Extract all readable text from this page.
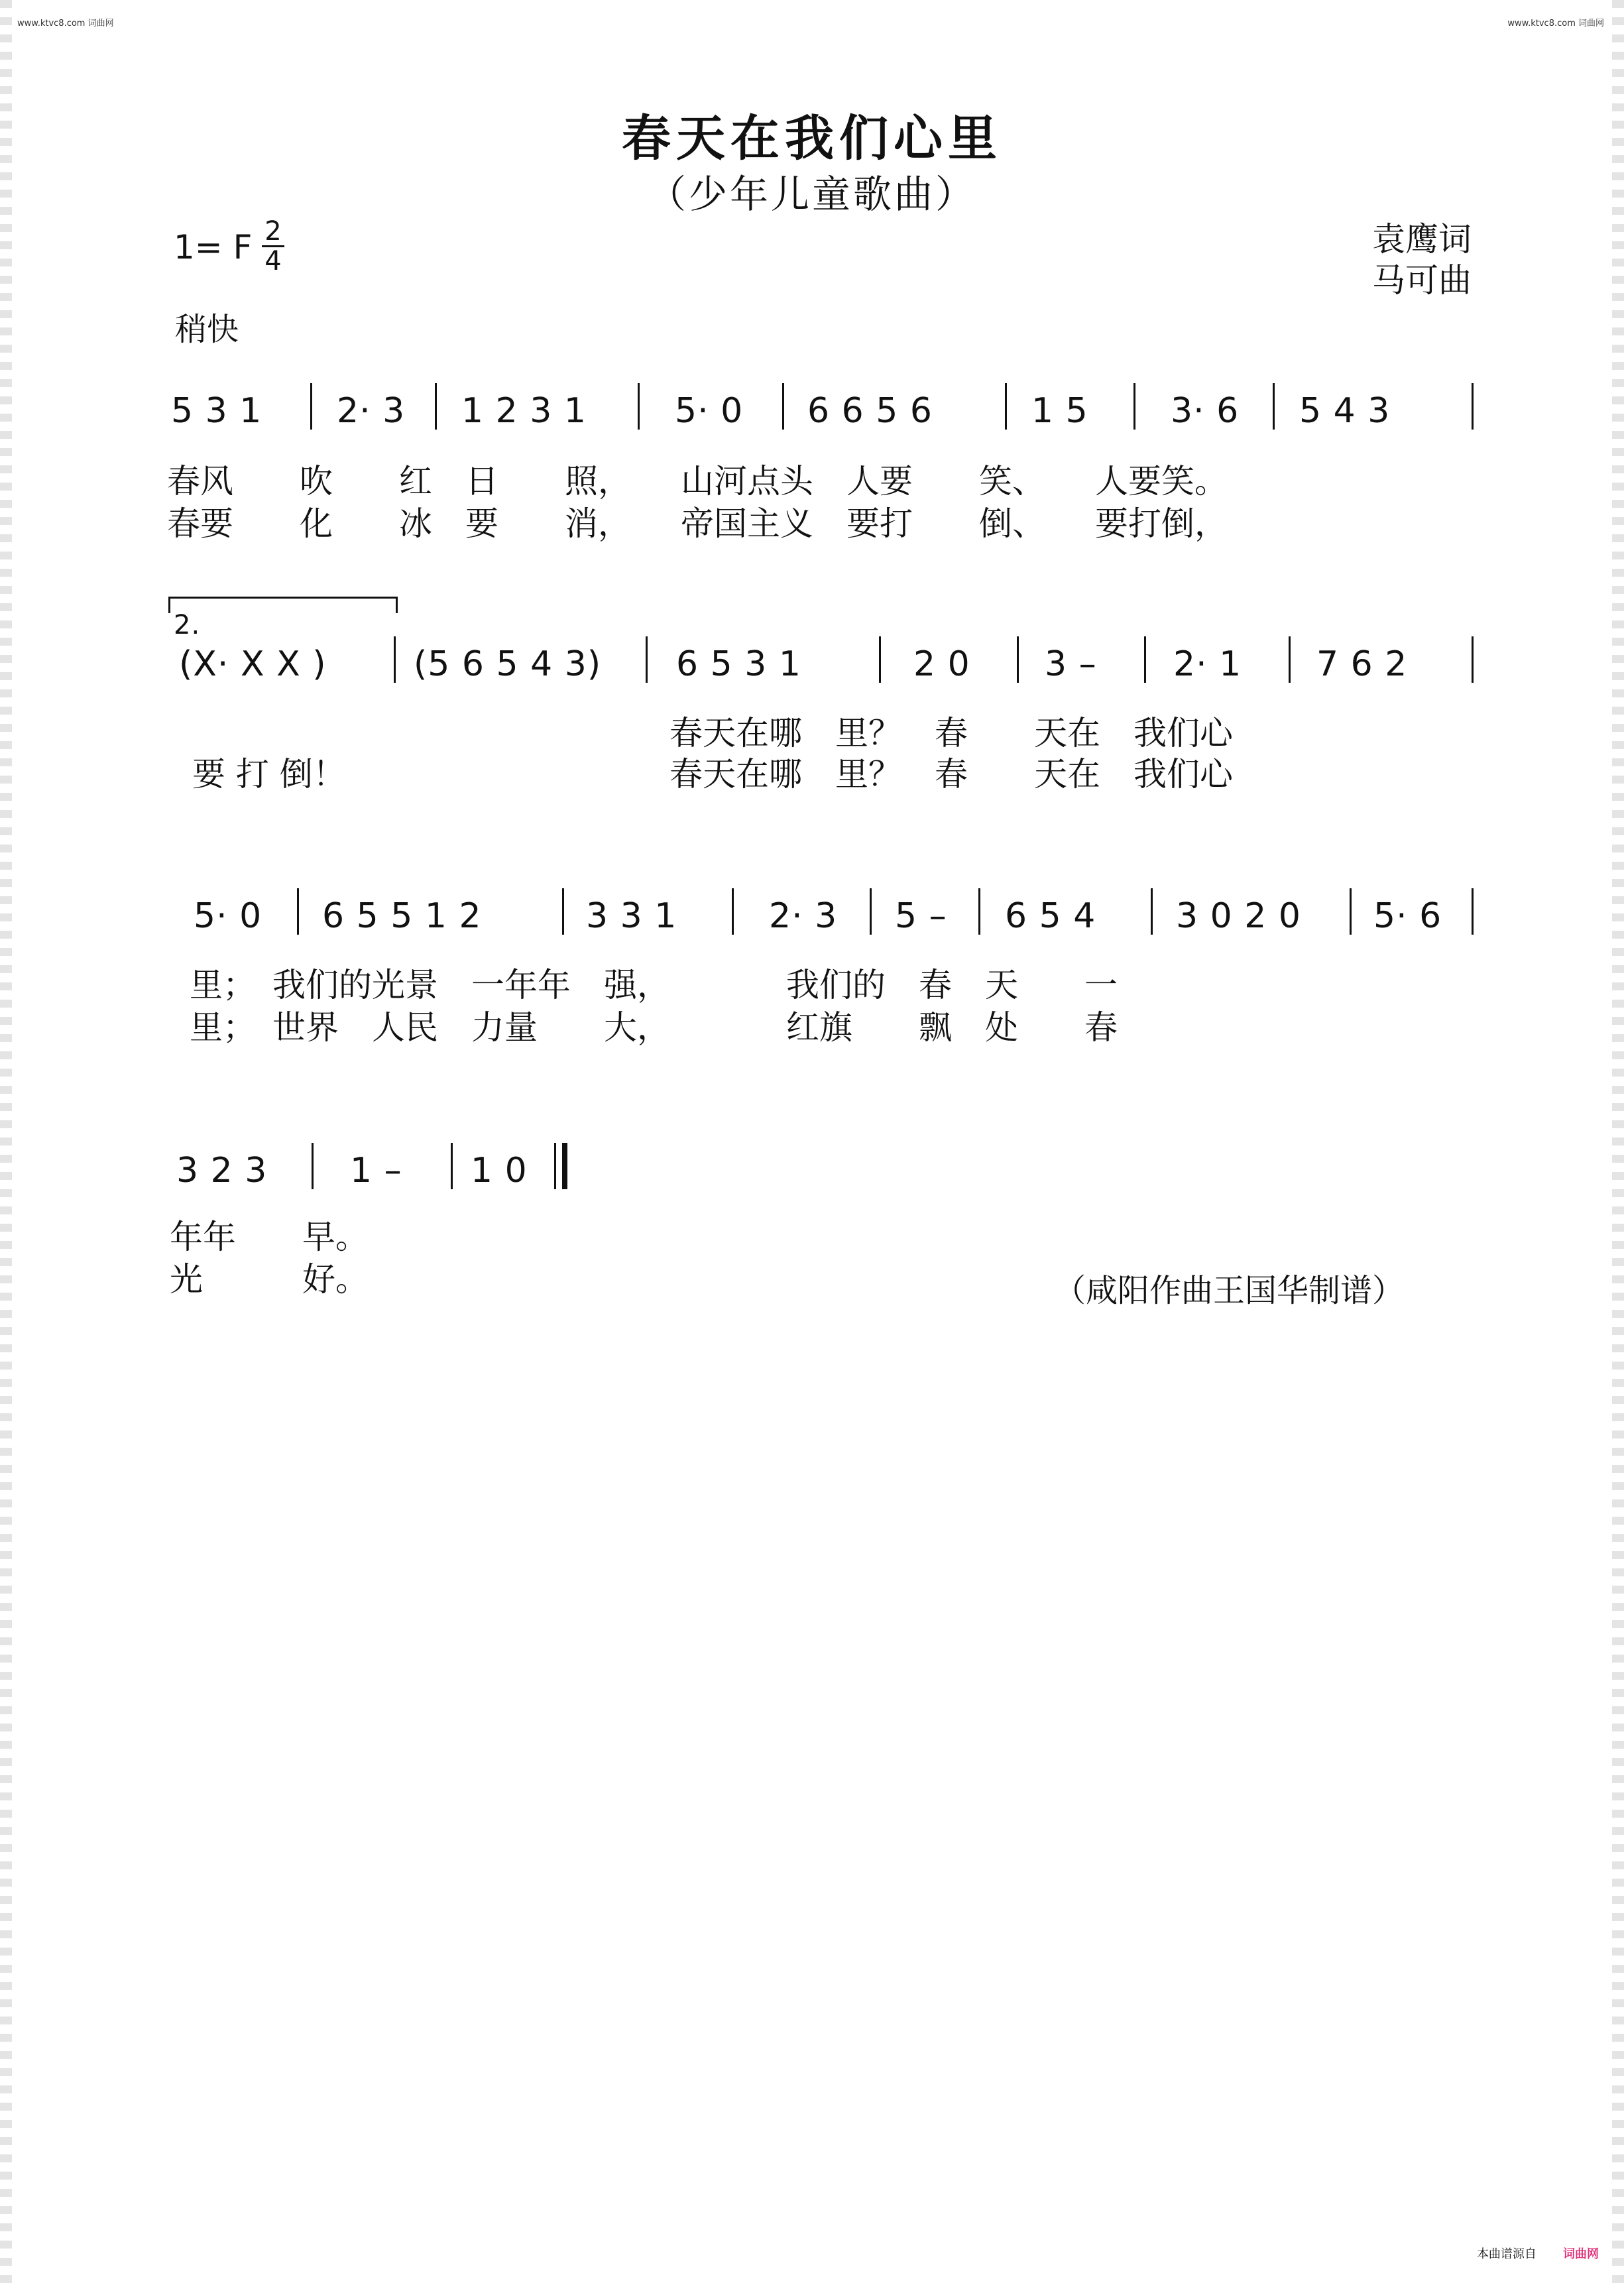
www.ktvc8.com 词曲网	www.ktvc8.com 词曲网
春天在我们心里
（少年儿童歌曲）
1= F 2
4
袁鹰词
马可曲
稍快
5 3 1 2· 3 1 2 3 1	5· 0 6 6 5 6	1 5 3· 6 5 4 3
春风　　吹　　红　日　　照，　　山河点头　人要　　笑、　　人要笑。
春要　　化　　冰　要　　消，　　帝国主义　要打　　倒、　　要打倒，
2.
(X· X X )	(5 6 5 4 3) 6 5 3 1	2 0 3 – 2· 1 7 6 2
春天在哪　里？　春　　天在　我们心
要 打 倒！	春天在哪　里？　春　　天在　我们心
5· 0 6 5 5 1 2	3 3 1	2· 3 5 – 6 5 4 3 0 2 0 5· 6
里；　我们的光景　一年年　强，　　　　我们的　春　天　　一
里；　世界　人民　力量　　大，　　　　红旗　　飘　处　　春
3 2 3 1 – 1 0
年年　　早。
光　　　好。	（咸阳作曲王国华制谱）
本曲谱源自 词曲网
